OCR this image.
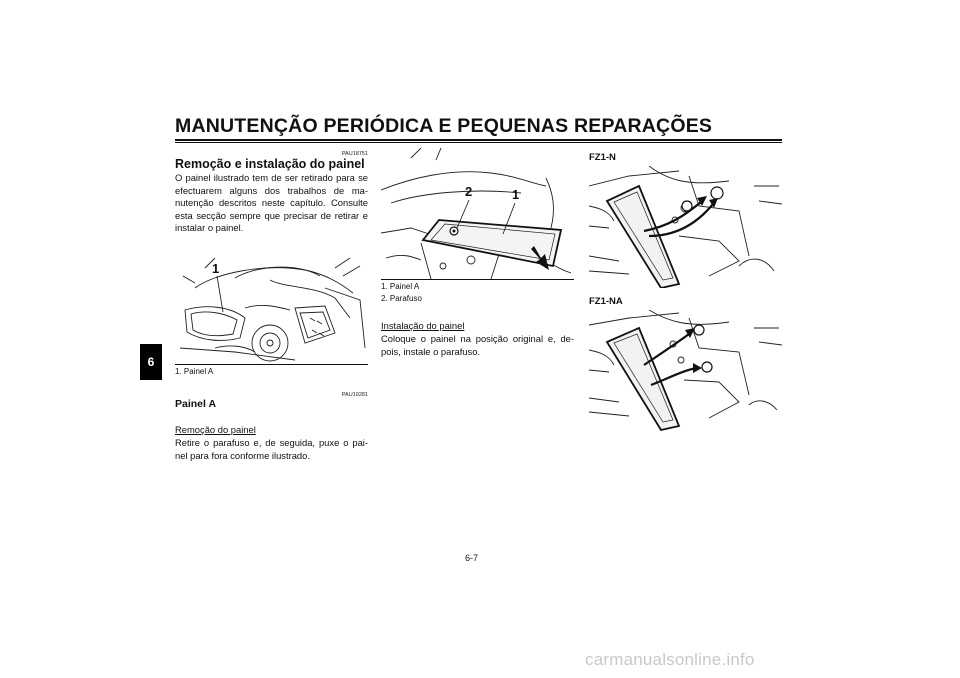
MANUTENÇÃO PERIÓDICA E PEQUENAS REPARAÇÕES
6
PAU18751
Remoção e instalação do painel
O painel ilustrado tem de ser retirado para se efectuarem alguns dos trabalhos de ma-nutenção descritos neste capítulo. Consulte esta secção sempre que precisar de retirar e instalar o painel.
1
1. Painel A
PAU19281
Painel A
Remoção do painel
Retire o parafuso e, de seguida, puxe o pai-nel para fora conforme ilustrado.
2	1
1. Painel A
2. Parafuso
Instalação do painel
Coloque o painel na posição original e, de-pois, instale o parafuso.
FZ1-N
FZ1-NA
6-7
carmanualsonline.info
